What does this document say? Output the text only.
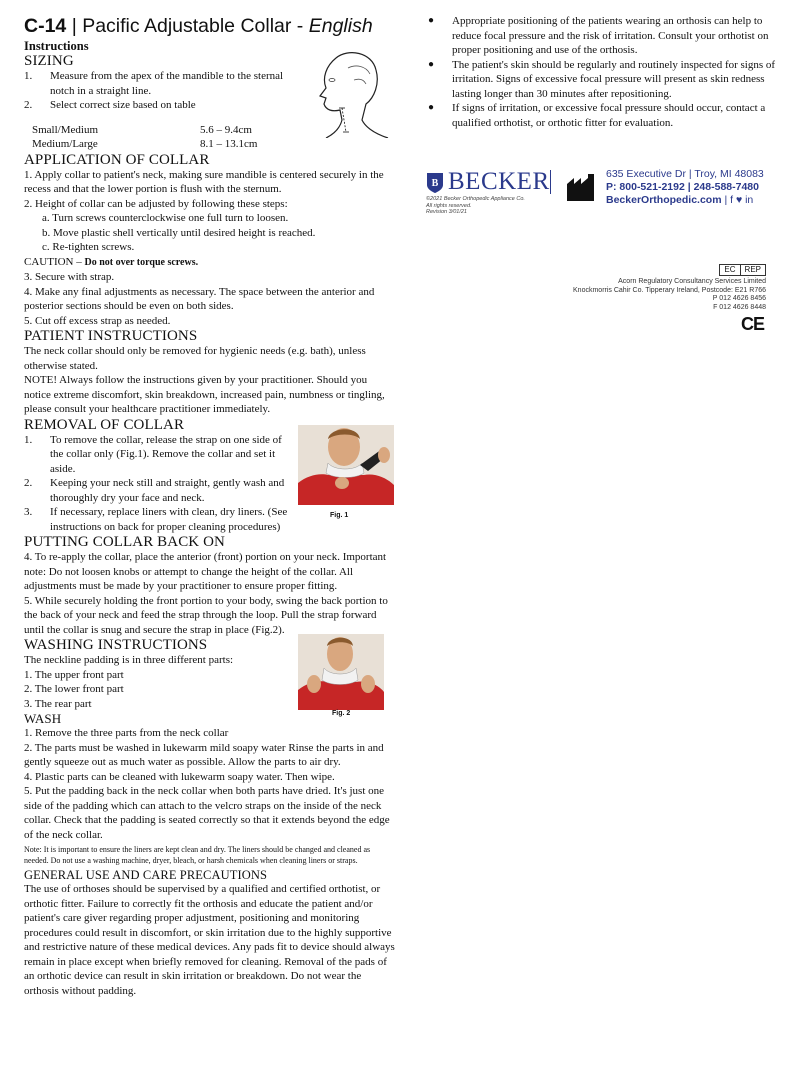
C-14 | Pacific Adjustable Collar - English
Instructions
SIZING
1. Measure from the apex of the mandible to the sternal notch in a straight line.
2. Select correct size based on table
Small/Medium	5.6 – 9.4cm
Medium/Large	8.1 – 13.1cm
APPLICATION OF COLLAR

1. Apply collar to patient's neck, making sure mandible is centered securely in the recess and that the lower portion is flush with the sternum.

2. Height of collar can be adjusted by following these steps:

a. Turn screws counterclockwise one full turn to loosen.

b. Move plastic shell vertically until desired height is reached.

c. Re-tighten screws.

CAUTION – Do not over torque screws.

3. Secure with strap.

4. Make any final adjustments as necessary. The space between the anterior and posterior sections should be even on both sides.

5. Cut off excess strap as needed.

PATIENT INSTRUCTIONS

The neck collar should only be removed for hygienic needs (e.g. bath), unless otherwise stated.

NOTE! Always follow the instructions given by your practitioner. Should you notice extreme discomfort, skin breakdown, increased pain, numbness or tingling, please consult your healthcare practitioner immediately.

REMOVAL OF COLLAR
1. To remove the collar, release the strap on one side of the collar only (Fig.1). Remove the collar and set it aside.
2. Keeping your neck still and straight, gently wash and thoroughly dry your face and neck.
3. If necessary, replace liners with clean, dry liners. (See instructions on back for proper cleaning procedures)
PUTTING COLLAR BACK ON

4. To re-apply the collar, place the anterior (front) portion on your neck. Important note: Do not loosen knobs or attempt to change the height of the collar. All adjustments must be made by your practitioner to ensure proper fitting.

5. While securely holding the front portion to your body, swing the back portion to the back of your neck and feed the strap through the loop. Pull the strap forward until the collar is snug and secure the strap in place (Fig.2).

WASHING INSTRUCTIONS

The neckline padding is in three different parts:

1. The upper front part

2. The lower front part

3. The rear part

WASH

1. Remove the three parts from the neck collar

2. The parts must be washed in lukewarm mild soapy water Rinse the parts in and gently squeeze out as much water as possible. Allow the parts to air dry.

4. Plastic parts can be cleaned with lukewarm soapy water. Then wipe.

5. Put the padding back in the neck collar when both parts have dried. It's just one side of the padding which can attach to the velcro straps on the inside of the neck collar. Check that the padding is seated correctly so that it extends beyond the edge of the neck collar.

Note: It is important to ensure the liners are kept clean and dry. The liners should be changed and cleaned as needed. Do not use a washing machine, dryer, bleach, or harsh chemicals when cleaning liners or straps.

GENERAL USE AND CARE PRECAUTIONS

The use of orthoses should be supervised by a qualified and certified orthotist, or orthotic fitter. Failure to correctly fit the orthosis and educate the patient and/or patient's care giver regarding proper adjustment, positioning and monitoring procedures could result in discomfort, or skin irritation due to the highly supportive and restrictive nature of these medical devices. Any pads fit to device should always remain in place except when briefly removed for cleaning. Removal of the pads of an orthotic device can result in skin irritation or breakdown. Do not wear the orthosis without padding.

Fig. 1
Fig. 2
● Appropriate positioning of the patients wearing an orthosis can help to reduce focal pressure and the risk of irritation. Consult your orthotist on proper positioning and use of the orthosis.
● The patient's skin should be regularly and routinely inspected for signs of irritation. Signs of excessive focal pressure will present as skin redness lasting longer than 30 minutes after repositioning.
● If signs of irritation, or excessive focal pressure should occur, contact a qualified orthotist, or orthotic fitter for evaluation.
B BECKER
©2021 Becker Orthopedic Appliance Co.
All rights reserved.
Revision 3/01/21
635 Executive Dr | Troy, MI 48083
P: 800-521-2192 | 248-588-7480
BeckerOrthopedic.com | f ♥ in
EC	REP
Acorn Regulatory Consultancy Services Limited
Knockmorris Cahir Co. Tipperary Ireland, Postcode: E21 R766
P 012 4626 8456
F 012 4626 8448
CE
